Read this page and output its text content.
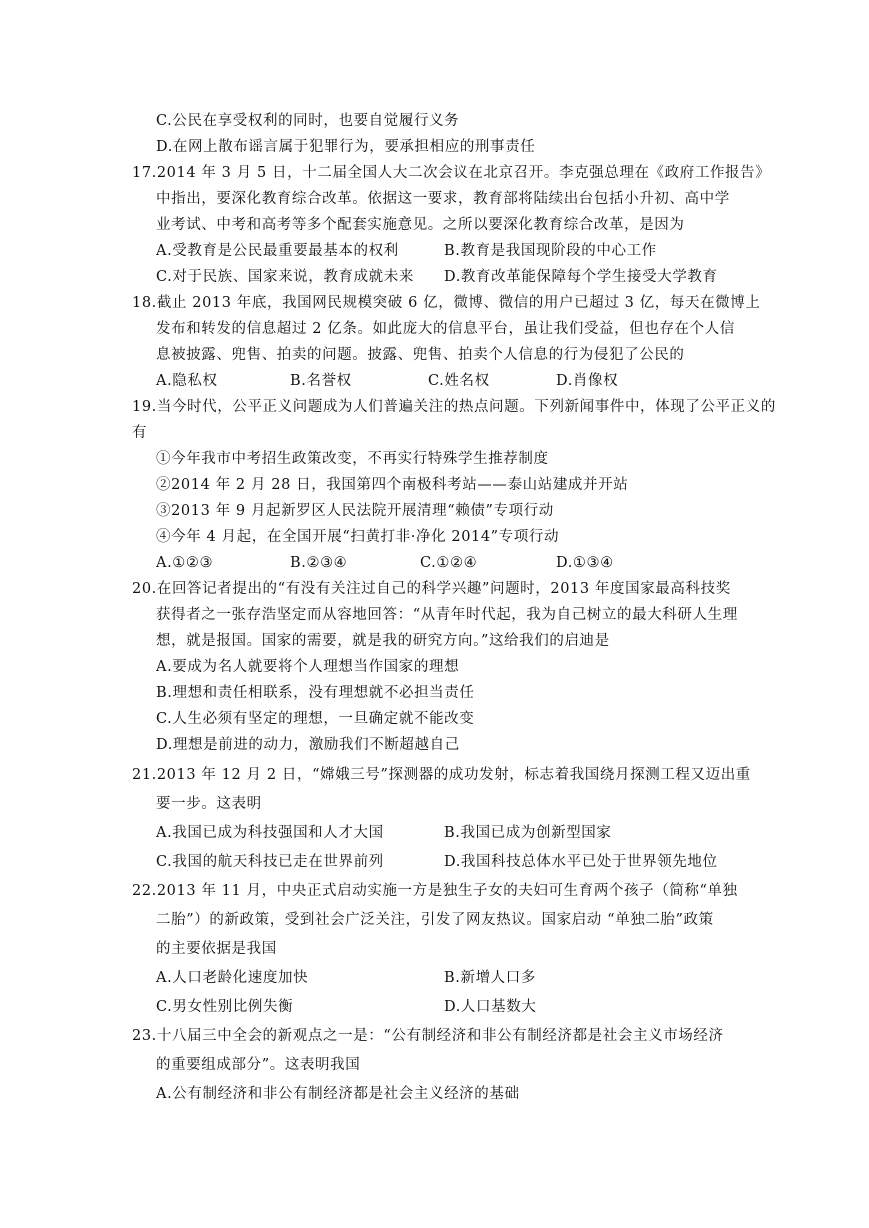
C.公民在享受权利的同时，也要自觉履行义务
D.在网上散布谣言属于犯罪行为，要承担相应的刑事责任
17.2014 年 3 月 5 日，十二届全国人大二次会议在北京召开。李克强总理在《政府工作报告》
中指出，要深化教育综合改革。依据这一要求，教育部将陆续出台包括小升初、高中学
业考试、中考和高考等多个配套实施意见。之所以要深化教育综合改革，是因为
A.受教育是公民最重要最基本的权利	B.教育是我国现阶段的中心工作
C.对于民族、国家来说，教育成就未来 D.教育改革能保障每个学生接受大学教育
18.截止 2013 年底，我国网民规模突破 6 亿，微博、微信的用户已超过 3 亿，每天在微博上
发布和转发的信息超过 2 亿条。如此庞大的信息平台，虽让我们受益，但也存在个人信
息被披露、兜售、拍卖的问题。披露、兜售、拍卖个人信息的行为侵犯了公民的
A.隐私权	B.名誉权	C.姓名权	D.肖像权
19.当今时代，公平正义问题成为人们普遍关注的热点问题。下列新闻事件中，体现了公平正义的
有
①今年我市中考招生政策改变，不再实行特殊学生推荐制度
②2014 年 2 月 28 日，我国第四个南极科考站——泰山站建成并开站
③2013 年 9 月起新罗区人民法院开展清理“赖债”专项行动
④今年 4 月起，在全国开展“扫黄打非·净化 2014”专项行动
A.①②③	B.②③④	C.①②④	D.①③④
20.在回答记者提出的“有没有关注过自己的科学兴趣”问题时，2013 年度国家最高科技奖
获得者之一张存浩坚定而从容地回答：“从青年时代起，我为自己树立的最大科研人生理
想，就是报国。国家的需要，就是我的研究方向。”这给我们的启迪是
A.要成为名人就要将个人理想当作国家的理想
B.理想和责任相联系，没有理想就不必担当责任
C.人生必须有坚定的理想，一旦确定就不能改变
D.理想是前进的动力，激励我们不断超越自己
21.2013 年 12 月 2 日，“嫦娥三号”探测器的成功发射，标志着我国绕月探测工程又迈出重
要一步。这表明
A.我国已成为科技强国和人才大国	B.我国已成为创新型国家
C.我国的航天科技已走在世界前列	D.我国科技总体水平已处于世界领先地位
22.2013 年 11 月，中央正式启动实施一方是独生子女的夫妇可生育两个孩子（简称“单独
二胎”）的新政策，受到社会广泛关注，引发了网友热议。国家启动 “单独二胎”政策
的主要依据是我国
A.人口老龄化速度加快	B.新增人口多
C.男女性别比例失衡	D.人口基数大
23.十八届三中全会的新观点之一是：“公有制经济和非公有制经济都是社会主义市场经济
的重要组成部分”。这表明我国
A.公有制经济和非公有制经济都是社会主义经济的基础
